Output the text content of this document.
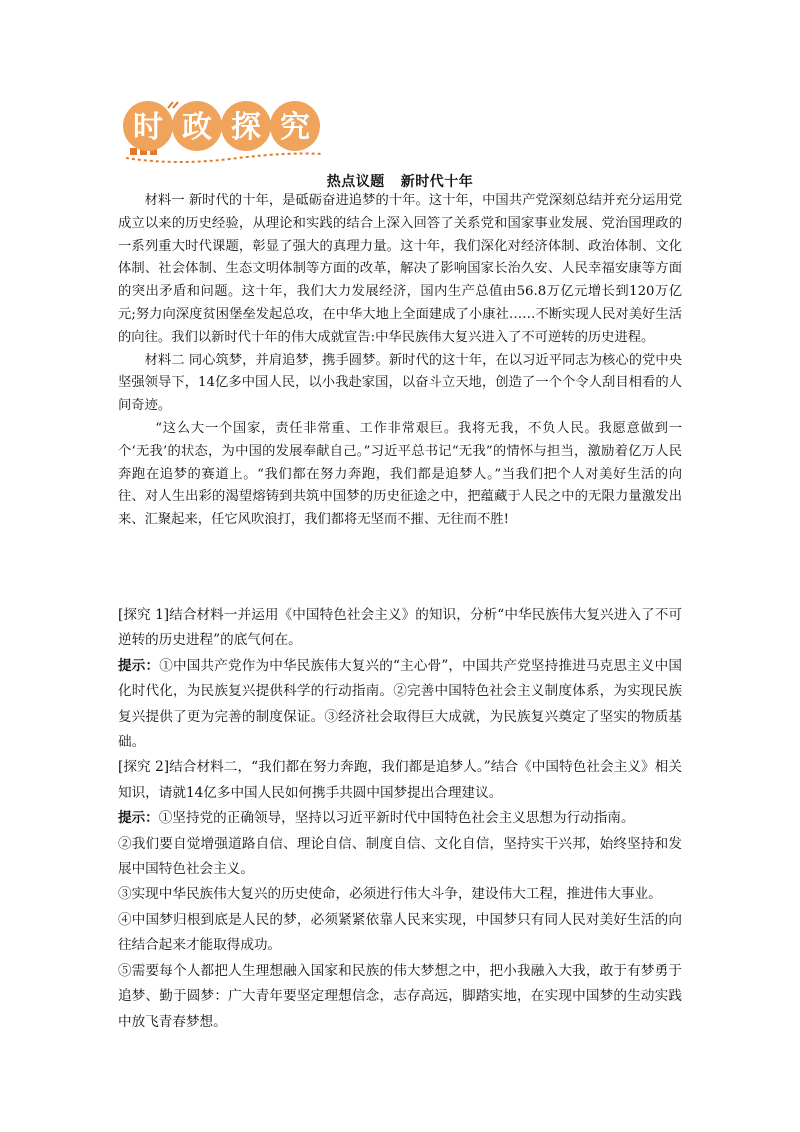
时 政 探 究
热点议题 新时代十年

材料一 新时代的十年，是砥砺奋进追梦的十年。这十年，中国共产党深刻总结并充分运用党成立以来的历史经验，从理论和实践的结合上深入回答了关系党和国家事业发展、党治国理政的一系列重大时代课题，彰显了强大的真理力量。这十年，我们深化对经济体制、政治体制、文化体制、社会体制、生态文明体制等方面的改革，解决了影响国家长治久安、人民幸福安康等方面的突出矛盾和问题。这十年，我们大力发展经济，国内生产总值由56.8万亿元增长到120万亿元;努力向深度贫困堡垒发起总攻，在中华大地上全面建成了小康社……不断实现人民对美好生活的向往。我们以新时代十年的伟大成就宣告:中华民族伟大复兴进入了不可逆转的历史进程。

材料二 同心筑梦，并肩追梦，携手圆梦。新时代的这十年，在以习近平同志为核心的党中央坚强领导下，14亿多中国人民，以小我赴家国，以奋斗立天地，创造了一个个令人刮目相看的人间奇迹。

“这么大一个国家，责任非常重、工作非常艰巨。我将无我，不负人民。我愿意做到一个‘无我’的状态，为中国的发展奉献自己。”习近平总书记“无我”的情怀与担当，激励着亿万人民奔跑在追梦的赛道上。“我们都在努力奔跑，我们都是追梦人。”当我们把个人对美好生活的向往、对人生出彩的渴望熔铸到共筑中国梦的历史征途之中，把蕴藏于人民之中的无限力量激发出来、汇聚起来，任它风吹浪打，我们都将无坚而不摧、无往而不胜!

[探究 1]结合材料一并运用《中国特色社会主义》的知识，分析“中华民族伟大复兴进入了不可逆转的历史进程”的底气何在。

提示：①中国共产党作为中华民族伟大复兴的“主心骨”，中国共产党坚持推进马克思主义中国化时代化，为民族复兴提供科学的行动指南。②完善中国特色社会主义制度体系，为实现民族复兴提供了更为完善的制度保证。③经济社会取得巨大成就，为民族复兴奠定了坚实的物质基础。

[探究 2]结合材料二，“我们都在努力奔跑，我们都是追梦人。”结合《中国特色社会主义》相关知识，请就14亿多中国人民如何携手共圆中国梦提出合理建议。

提示：①坚持党的正确领导，坚持以习近平新时代中国特色社会主义思想为行动指南。

②我们要自觉增强道路自信、理论自信、制度自信、文化自信，坚持实干兴邦，始终坚持和发展中国特色社会主义。

③实现中华民族伟大复兴的历史使命，必须进行伟大斗争，建设伟大工程，推进伟大事业。

④中国梦归根到底是人民的梦，必须紧紧依靠人民来实现，中国梦只有同人民对美好生活的向往结合起来才能取得成功。

⑤需要每个人都把人生理想融入国家和民族的伟大梦想之中，把小我融入大我，敢于有梦勇于追梦、勤于圆梦：广大青年要坚定理想信念，志存高远，脚踏实地，在实现中国梦的生动实践中放飞青春梦想。
